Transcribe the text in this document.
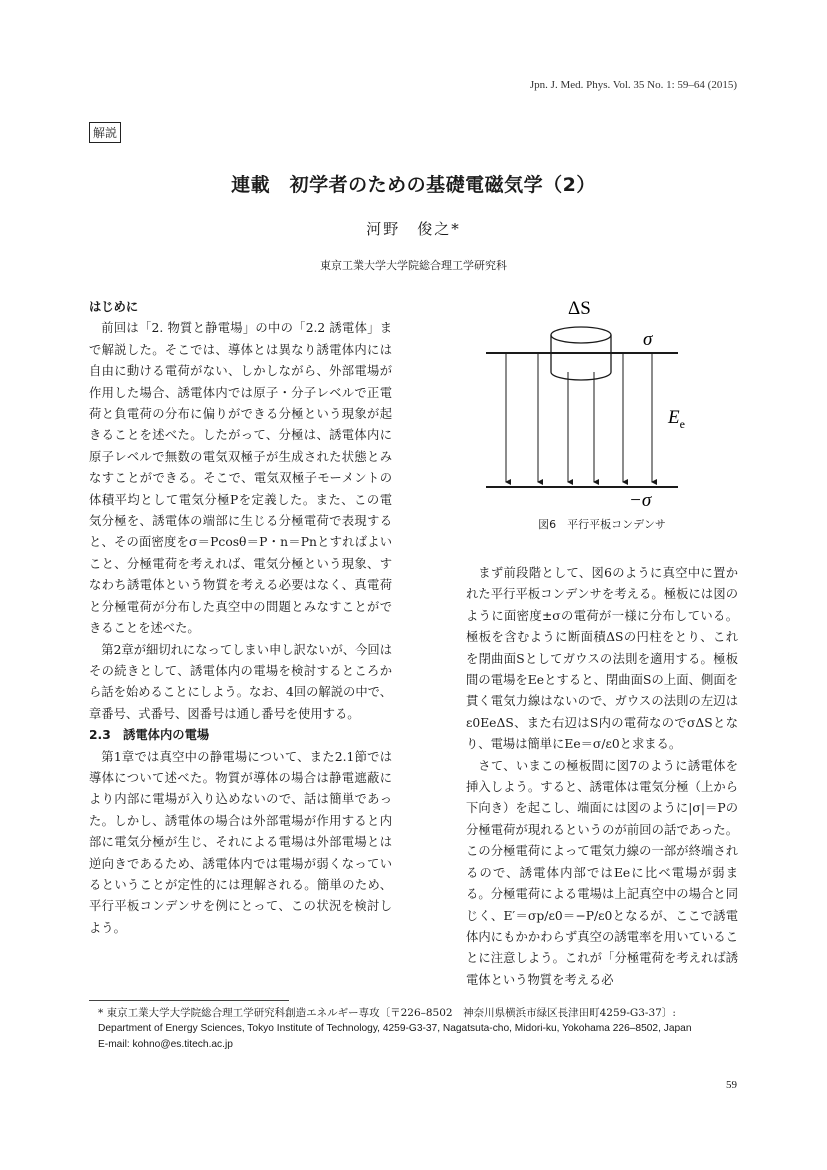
Jpn. J. Med. Phys. Vol. 35 No. 1: 59–64 (2015)
解説
連載　初学者のための基礎電磁気学（2）
河野　俊之*
東京工業大学大学院総合理工学研究科
はじめに

前回は「2. 物質と静電場」の中の「2.2 誘電体」まで解説した。そこでは、導体とは異なり誘電体内には自由に動ける電荷がない、しかしながら、外部電場が作用した場合、誘電体内では原子・分子レベルで正電荷と負電荷の分布に偏りができる分極という現象が起きることを述べた。したがって、分極は、誘電体内に原子レベルで無数の電気双極子が生成された状態とみなすことができる。そこで、電気双極子モーメントの体積平均として電気分極Pを定義した。また、この電気分極を、誘電体の端部に生じる分極電荷で表現すると、その面密度をσ＝Pcosθ＝P・n＝Pnとすればよいこと、分極電荷を考えれば、電気分極という現象、すなわち誘電体という物質を考える必要はなく、真電荷と分極電荷が分布した真空中の問題とみなすことができることを述べた。

第2章が細切れになってしまい申し訳ないが、今回はその続きとして、誘電体内の電場を検討するところから話を始めることにしよう。なお、4回の解説の中で、章番号、式番号、図番号は通し番号を使用する。

2.3　誘電体内の電場

第1章では真空中の静電場について、また2.1節では導体について述べた。物質が導体の場合は静電遮蔽により内部に電場が入り込めないので、話は簡単であった。しかし、誘電体の場合は外部電場が作用すると内部に電気分極が生じ、それによる電場は外部電場とは逆向きであるため、誘電体内では電場が弱くなっているということが定性的には理解される。簡単のため、平行平板コンデンサを例にとって、この状況を検討しよう。

ΔS
σ
$E_e$
−σ
図6　平行平板コンデンサ

まず前段階として、図6のように真空中に置かれた平行平板コンデンサを考える。極板には図のように面密度±σの電荷が一様に分布している。極板を含むように断面積ΔSの円柱をとり、これを閉曲面Sとしてガウスの法則を適用する。極板間の電場をEeとすると、閉曲面Sの上面、側面を貫く電気力線はないので、ガウスの法則の左辺はε0EeΔS、また右辺はS内の電荷なのでσΔSとなり、電場は簡単にEe＝σ/ε0と求まる。

さて、いまこの極板間に図7のように誘電体を挿入しよう。すると、誘電体は電気分極（上から下向き）を起こし、端面には図のように|σ|＝Pの分極電荷が現れるというのが前回の話であった。この分極電荷によって電気力線の一部が終端されるので、誘電体内部ではEeに比べ電場が弱まる。分極電荷による電場は上記真空中の場合と同じく、E′＝σp/ε0＝−P/ε0となるが、ここで誘電体内にもかかわらず真空の誘電率を用いていることに注意しよう。これが「分極電荷を考えれば誘電体という物質を考える必

* 東京工業大学大学院総合理工学研究科創造エネルギー専攻〔〒226–8502　神奈川県横浜市緑区長津田町4259-G3-37〕:
Department of Energy Sciences, Tokyo Institute of Technology, 4259-G3-37, Nagatsuta-cho, Midori-ku, Yokohama 226–8502, Japan
E-mail: kohno@es.titech.ac.jp
59
